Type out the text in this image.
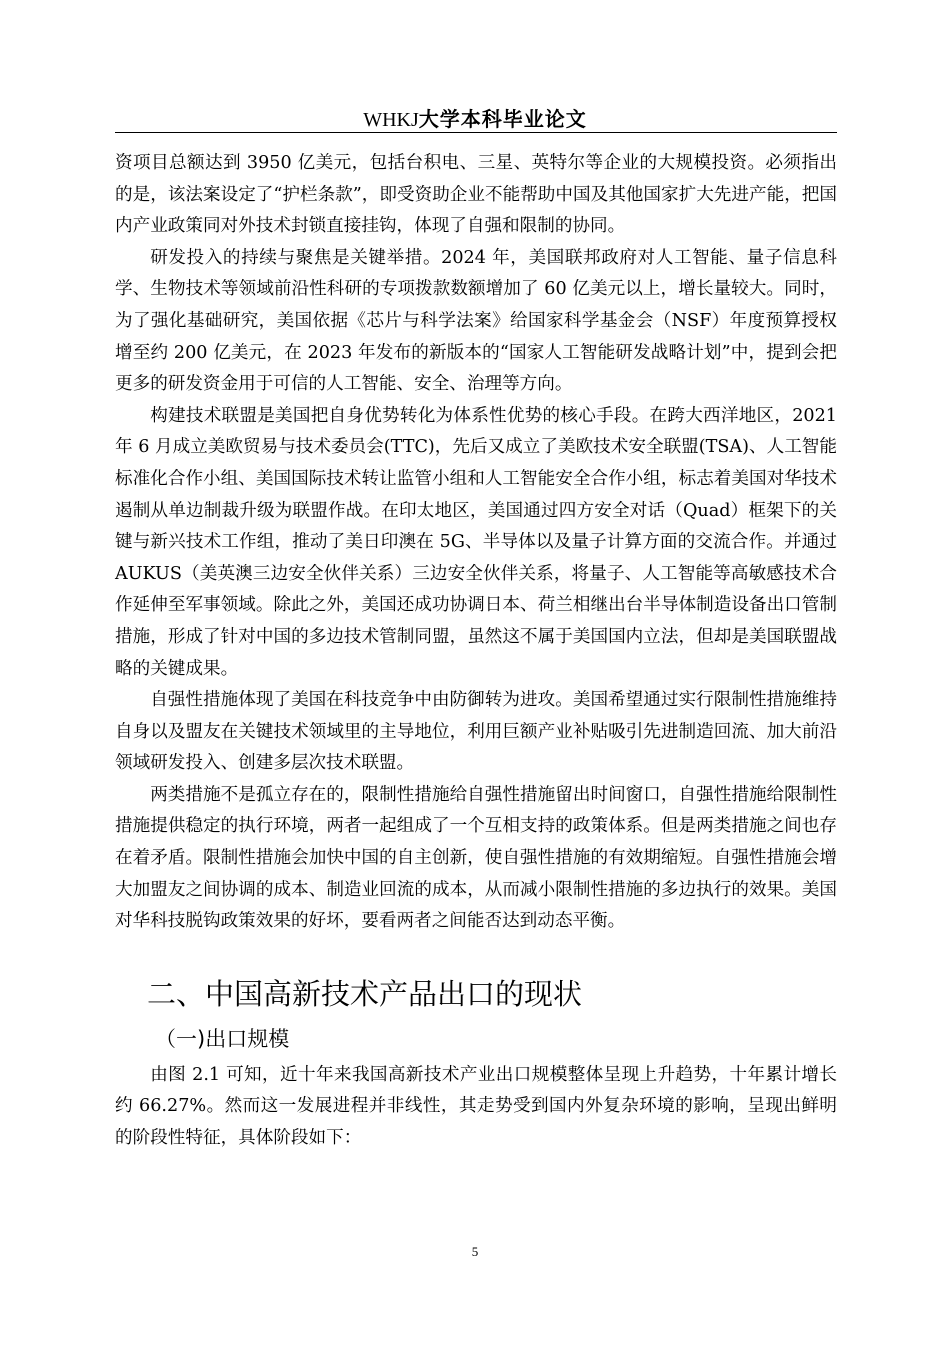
WHKJ大学本科毕业论文

资项目总额达到 3950 亿美元，包括台积电、三星、英特尔等企业的大规模投资。必须指出的是，该法案设定了“护栏条款”，即受资助企业不能帮助中国及其他国家扩大先进产能，把国内产业政策同对外技术封锁直接挂钩，体现了自强和限制的协同。

研发投入的持续与聚焦是关键举措。2024 年，美国联邦政府对人工智能、量子信息科学、生物技术等领域前沿性科研的专项拨款数额增加了 60 亿美元以上，增长量较大。同时，为了强化基础研究，美国依据《芯片与科学法案》给国家科学基金会（NSF）年度预算授权增至约 200 亿美元，在 2023 年发布的新版本的“国家人工智能研发战略计划”中，提到会把更多的研发资金用于可信的人工智能、安全、治理等方向。

构建技术联盟是美国把自身优势转化为体系性优势的核心手段。在跨大西洋地区，2021 年 6 月成立美欧贸易与技术委员会(TTC)，先后又成立了美欧技术安全联盟(TSA)、人工智能标准化合作小组、美国国际技术转让监管小组和人工智能安全合作小组，标志着美国对华技术遏制从单边制裁升级为联盟作战。在印太地区，美国通过四方安全对话（Quad）框架下的关键与新兴技术工作组，推动了美日印澳在 5G、半导体以及量子计算方面的交流合作。并通过 AUKUS（美英澳三边安全伙伴关系）三边安全伙伴关系，将量子、人工智能等高敏感技术合作延伸至军事领域。除此之外，美国还成功协调日本、荷兰相继出台半导体制造设备出口管制措施，形成了针对中国的多边技术管制同盟，虽然这不属于美国国内立法，但却是美国联盟战略的关键成果。

自强性措施体现了美国在科技竞争中由防御转为进攻。美国希望通过实行限制性措施维持自身以及盟友在关键技术领域里的主导地位，利用巨额产业补贴吸引先进制造回流、加大前沿领域研发投入、创建多层次技术联盟。

两类措施不是孤立存在的，限制性措施给自强性措施留出时间窗口，自强性措施给限制性措施提供稳定的执行环境，两者一起组成了一个互相支持的政策体系。但是两类措施之间也存在着矛盾。限制性措施会加快中国的自主创新，使自强性措施的有效期缩短。自强性措施会增大加盟友之间协调的成本、制造业回流的成本，从而减小限制性措施的多边执行的效果。美国对华科技脱钩政策效果的好坏，要看两者之间能否达到动态平衡。

二、中国高新技术产品出口的现状
（一)出口规模

由图 2.1 可知，近十年来我国高新技术产业出口规模整体呈现上升趋势，十年累计增长约 66.27%。然而这一发展进程并非线性，其走势受到国内外复杂环境的影响，呈现出鲜明的阶段性特征，具体阶段如下：

5
